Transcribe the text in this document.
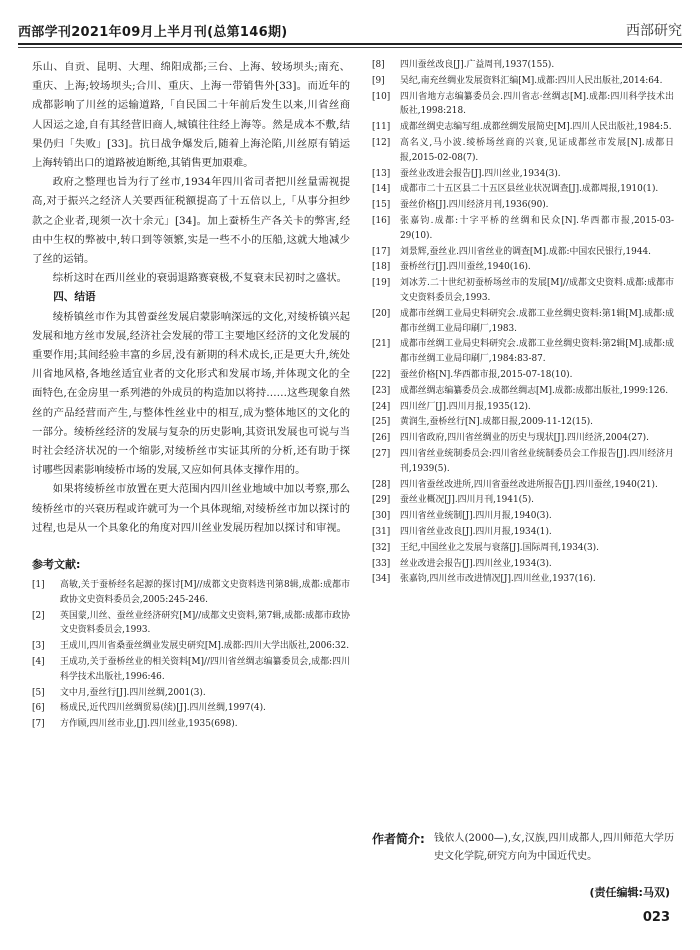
西部学刊2021年09月上半月刊(总第146期)	西部研究

乐山、自贡、昆明、大理、绵阳成都;三台、上海、较场坝头;南充、重庆、上海;较场坝头;合川、重庆、上海一带销售外[33]。而近年的成都影响了川丝的运输道路,「自民国二十年前后发生以来,川省丝商人因运之途,自有其经营旧商人,城镇往往经上海等。然是成本不敷,结果仍归「失败」[33]。抗日战争爆发后,随着上海沦陷,川丝原有销运上海转销出口的道路被迫断绝,其销售更加艰难。

政府之整理也旨为行了丝市,1934年四川省司者把川丝量需视提高,对于振兴之经济人关要西征税额提高了十五倍以上,「从事分担纱款之企业者,现须一次十余元」[34]。加上蚕桥生产各关卡的弊害,经由中生权的弊被中,转口到等领繁,实是一些不小的压船,这就大地减少了丝的运销。

综析这时在西川丝业的衰弱退路赛衰极,不复衰末民初时之盛状。

四、结语

绫桥镇丝市作为其曾蚕丝发展启蒙影响深远的文化,对绫桥镇兴起发展和地方丝市发展,经济社会发展的带工主要地区经济的文化发展的重要作用;其间经验丰富的乡居,没有新期的科术成长,正是更大升,统处川省地风格,各地丝适宜业者的文化形式和发展市场,并体现文化的全面特色,在金房里一系列港的外成员的构造加以将持……这些现象自然丝的产品经营而产生,与整体性丝业中的相互,成为整体地区的文化的一部分。绫桥丝经济的发展与复杂的历史影响,其资讯发展也可说与当时社会经济状况的一个缩影,对绫桥丝市实证其所的分析,还有助于探讨哪些因素影响绫桥市场的发展,又应如何具体支撑作用的。

如果将绫桥丝市放置在更大范围内四川丝业地域中加以考察,那么绫桥丝市的兴衰历程或许就可为一个具体现缩,对绫桥丝市加以探讨的过程,也是从一个具象化的角度对四川丝业发展历程加以探讨和审视。

参考文献:
[1]	高敏,关于蚕桥经名起源的探讨[M]//成都文史资料选刊第8辑,成都:成都市政协文史资料委员会,2005:245-246.
[2]	英国蒙,川丝、蚕丝业经济研究[M]//成都文史资料,第7辑,成都:成都市政协文史资料委员会,1993.
[3]	王成川,四川省桑蚕丝绸业发展史研究[M].成都:四川大学出版社,2006:32.
[4]	王成功,关于蚕桥丝业的相关资料[M]//四川省丝绸志编纂委员会,成都:四川科学技术出版社,1996:46.
[5]	文中月,蚕丝行[J].四川丝绸,2001(3).
[6]	杨成民,近代四川丝绸贸易(续)[J].四川丝绸,1997(4).
[7]	方作顾,四川丝市业,[J].四川丝业,1935(698).
[8]	四川蚕丝改良[J].广益周刊,1937(155).
[9]	吴纪,南充丝绸业发展资料汇编[M].成都:四川人民出版社,2014:64.
[10]	四川省地方志编纂委员会.四川省志·丝绸志[M].成都:四川科学技术出版社,1998:218.
[11]	成都丝绸史志编写组.成都丝绸发展简史[M].四川人民出版社,1984:5.
[12]	高名义,马小波.绫桥场丝商的兴衰,见证成都丝市发展[N].成都日报,2015-02-08(7).
[13]	蚕丝业改进会报告[J].四川丝业,1934(3).
[14]	成都市二十五区县二十五区县丝业状况调查[J].成都周报,1910(1).
[15]	蚕丝价格[J].四川经济月刊,1936(90).
[16]	张嘉钧.成都:十字平桥的丝绸和民众[N].华西都市报,2015-03-29(10).
[17]	刘景辉,蚕丝业.四川省丝业的调查[M].成都:中国农民银行,1944.
[18]	蚕桥丝行[J].四川蚕丝,1940(16).
[19]	刘冰芳.二十世纪初蚕桥场丝市的发展[M]//成都文史资料.成都:成都市文史资料委员会,1993.
[20]	成都市丝绸工业局史料研究会.成都工业丝绸史资料:第1辑[M].成都:成都市丝绸工业局印刷厂,1983.
[21]	成都市丝绸工业局史料研究会.成都工业丝绸史资料:第2辑[M].成都:成都市丝绸工业局印刷厂,1984:83-87.
[22]	蚕丝价格[N].华西都市报,2015-07-18(10).
[23]	成都丝绸志编纂委员会.成都丝绸志[M].成都:成都出版社,1999:126.
[24]	四川丝厂[J].四川月报,1935(12).
[25]	黄润生,蚕桥丝行[N].成都日报,2009-11-12(15).
[26]	四川省政府,四川省丝绸业的历史与现状[J].四川经济,2004(27).
[27]	四川省丝业统制委员会:四川省丝业统制委员会工作报告[J].四川经济月刊,1939(5).
[28]	四川省蚕丝改进所,四川省蚕丝改进所报告[J].四川蚕丝,1940(21).
[29]	蚕丝业概况[J].四川月刊,1941(5).
[30]	四川省丝业统制[J].四川月报,1940(3).
[31]	四川省丝业改良[J].四川月报,1934(1).
[32]	王纪,中国丝业之发展与衰落[J].国际周刊,1934(3).
[33]	丝业改进会报告[J].四川丝业,1934(3).
[34]	张嘉钧,四川丝市改进情况[J].四川丝业,1937(16).
作者简介: 钱依人(2000—),女,汉族,四川成都人,四川师范大学历史文化学院,研究方向为中国近代史。
(责任编辑:马双)
023
